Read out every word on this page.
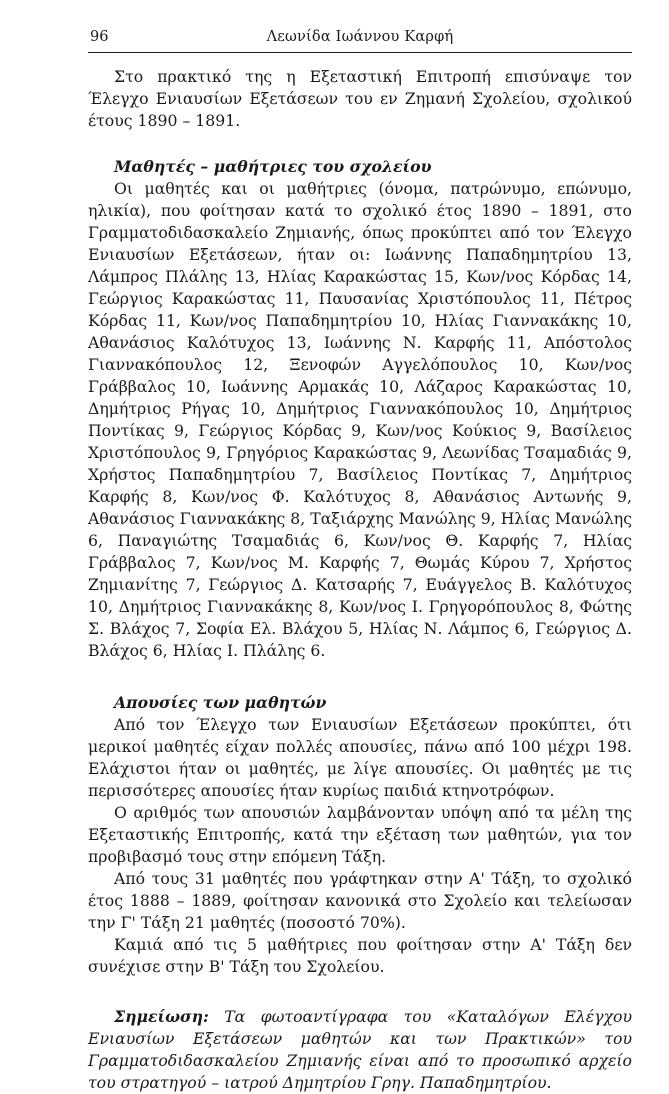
96	Λεωνίδα Ιωάννου Καρφή

Στο πρακτικό της η Εξεταστική Επιτροπή επισύναψε τον Έλεγχο Ενιαυσίων Εξετάσεων του εν Ζημανή Σχολείου, σχολικού έτους 1890 – 1891.

Μαθητές – μαθήτριες του σχολείου

Οι μαθητές και οι μαθήτριες (όνομα, πατρώνυμο, επώνυμο, ηλικία), που φοίτησαν κατά το σχολικό έτος 1890 – 1891, στο Γραμματοδιδασκαλείο Ζημιανής, όπως προκύπτει από τον Έλεγχο Ενιαυσίων Εξετάσεων, ήταν οι: Ιωάννης Παπαδημητρίου 13, Λάμπρος Πλάλης 13, Ηλίας Καρακώστας 15, Κων/νος Κόρδας 14, Γεώργιος Καρακώστας 11, Παυσανίας Χριστόπουλος 11, Πέτρος Κόρδας 11, Κων/νος Παπαδημητρίου 10, Ηλίας Γιαννακάκης 10, Αθανάσιος Καλότυχος 13, Ιωάννης Ν. Καρφής 11, Απόστολος Γιαννακόπουλος 12, Ξενοφών Αγγελόπουλος 10, Κων/νος Γράββαλος 10, Ιωάννης Αρμακάς 10, Λάζαρος Καρακώστας 10, Δημήτριος Ρήγας 10, Δημήτριος Γιαννακόπουλος 10, Δημήτριος Ποντίκας 9, Γεώργιος Κόρδας 9, Κων/νος Κούκιος 9, Βασίλειος Χριστόπουλος 9, Γρηγόριος Καρακώστας 9, Λεωνίδας Τσαμαδιάς 9, Χρήστος Παπαδημητρίου 7, Βασίλειος Ποντίκας 7, Δημήτριος Καρφής 8, Κων/νος Φ. Καλότυχος 8, Αθανάσιος Αντωνής 9, Αθανάσιος Γιαννακάκης 8, Ταξιάρχης Μανώλης 9, Ηλίας Μανώλης 6, Παναγιώτης Τσαμαδιάς 6, Κων/νος Θ. Καρφής 7, Ηλίας Γράββαλος 7, Κων/νος Μ. Καρφής 7, Θωμάς Κύρου 7, Χρήστος Ζημιανίτης 7, Γεώργιος Δ. Κατσαρής 7, Ευάγγελος Β. Καλότυχος 10, Δημήτριος Γιαννακάκης 8, Κων/νος Ι. Γρηγορόπουλος 8, Φώτης Σ. Βλάχος 7, Σοφία Ελ. Βλάχου 5, Ηλίας Ν. Λάμπος 6, Γεώργιος Δ. Βλάχος 6, Ηλίας Ι. Πλάλης 6.

Απουσίες των μαθητών

Από τον Έλεγχο των Ενιαυσίων Εξετάσεων προκύπτει, ότι μερικοί μαθητές είχαν πολλές απουσίες, πάνω από 100 μέχρι 198. Ελάχιστοι ήταν οι μαθητές, με λίγε απουσίες. Οι μαθητές με τις περισσότερες απουσίες ήταν κυρίως παιδιά κτηνοτρόφων.

Ο αριθμός των απουσιών λαμβάνονταν υπόψη από τα μέλη της Εξεταστικής Επιτροπής, κατά την εξέταση των μαθητών, για τον προβιβασμό τους στην επόμενη Τάξη.

Από τους 31 μαθητές που γράφτηκαν στην Α' Τάξη, το σχολικό έτος 1888 – 1889, φοίτησαν κανονικά στο Σχολείο και τελείωσαν την Γ' Τάξη 21 μαθητές (ποσοστό 70%).

Καμιά από τις 5 μαθήτριες που φοίτησαν στην Α' Τάξη δεν συνέχισε στην Β' Τάξη του Σχολείου.

Σημείωση: Τα φωτοαντίγραφα του «Καταλόγων Ελέγχου Ενιαυσίων Εξετάσεων μαθητών και των Πρακτικών» του Γραμματοδιδασκαλείου Ζημιανής είναι από το προσωπικό αρχείο του στρατηγού – ιατρού Δημητρίου Γρηγ. Παπαδημητρίου.
